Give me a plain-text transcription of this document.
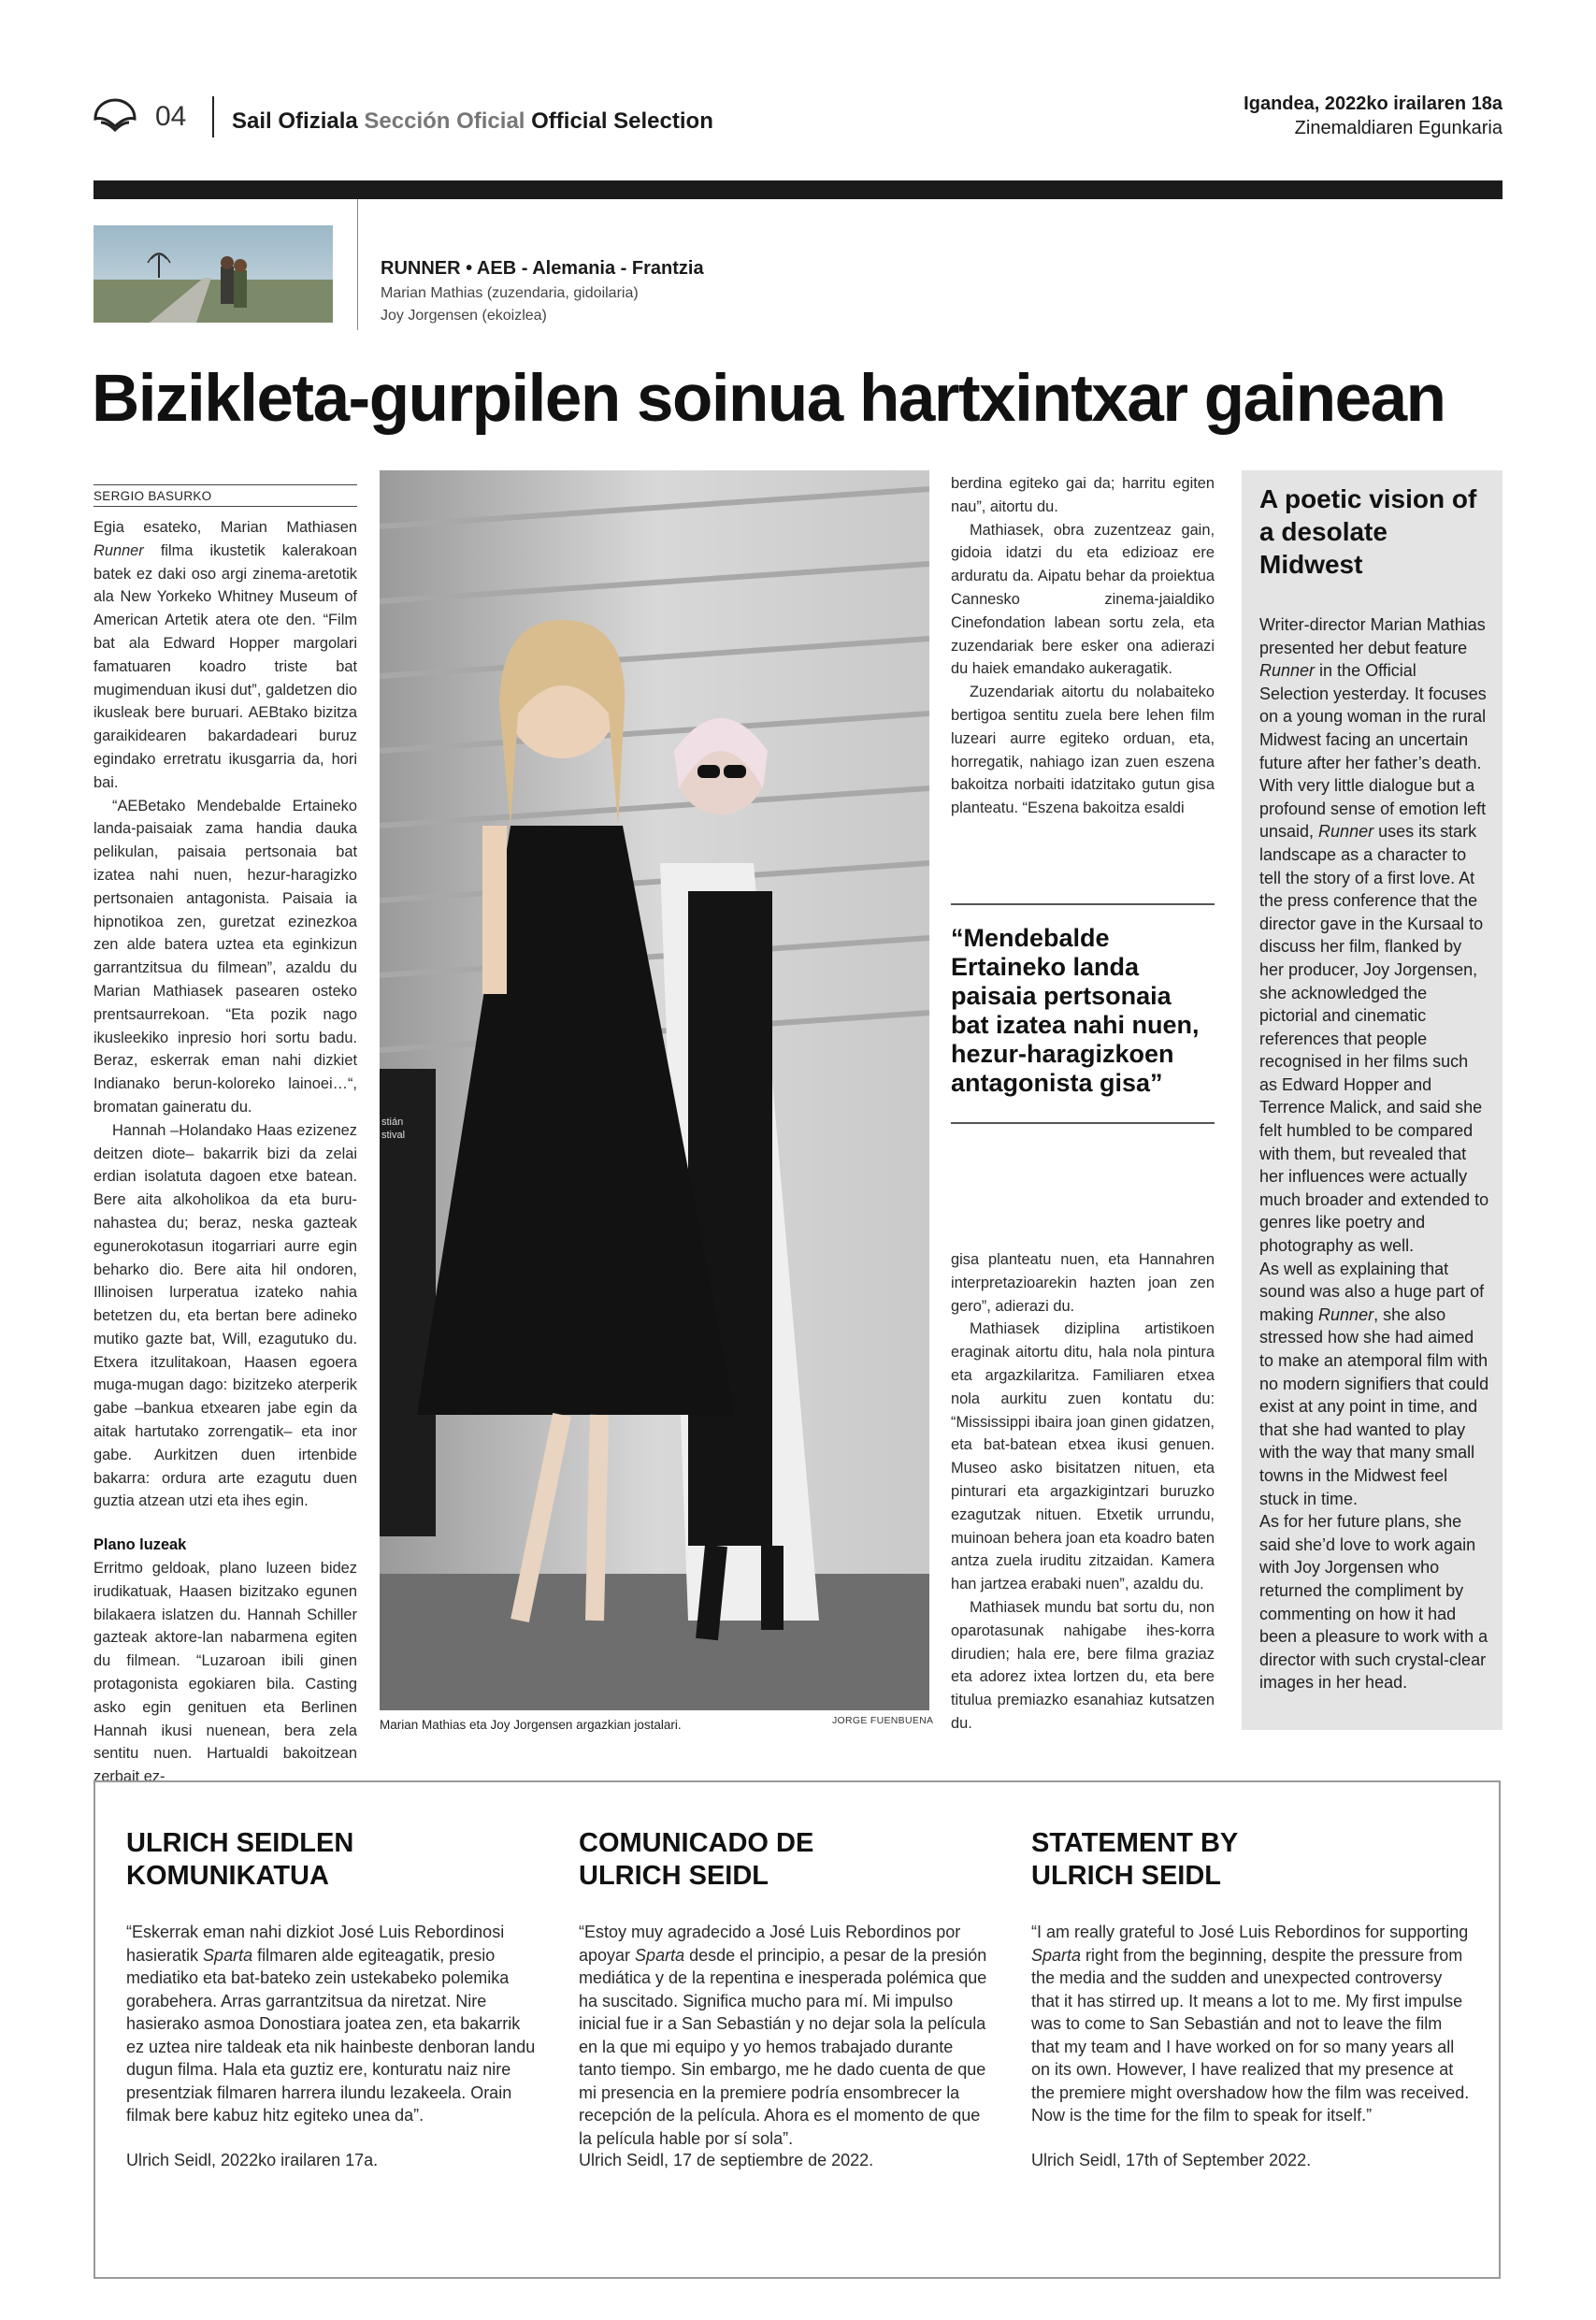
04 Sail Ofiziala Sección Oficial Official Selection
Igandea, 2022ko irailaren 18a
Zinemaldiaren Egunkaria
RUNNER • AEB - Alemania - Frantzia
Marian Mathias (zuzendaria, gidoilaria)
Joy Jorgensen (ekoizlea)
Bizikleta-gurpilen soinua hartxintxar gainean
SERGIO BASURKO

Egia esateko, Marian Mathiasen Runner filma ikustetik kalerakoan batek ez daki oso argi zinema-aretotik ala New Yorkeko Whitney Museum of American Artetik atera ote den. “Film bat ala Edward Hopper margolari famatuaren koadro triste bat mugimenduan ikusi dut”, galdetzen dio ikusleak bere buruari. AEBtako bizitza garaikidearen bakardadeari buruz egindako erretratu ikusgarria da, hori bai.

“AEBetako Mendebalde Ertaineko landa-paisaiak zama handia dauka pelikulan, paisaia pertsonaia bat izatea nahi nuen, hezur-haragizko pertsonaien antagonista. Paisaia ia hipnotikoa zen, guretzat ezinezkoa zen alde batera uztea eta eginkizun garrantzitsua du filmean”, azaldu du Marian Mathiasek pasearen osteko prentsaurrekoan. “Eta pozik nago ikusleekiko inpresio hori sortu badu. Beraz, eskerrak eman nahi dizkiet Indianako berun-koloreko lainoei…“, bromatan gaineratu du.

Hannah –Holandako Haas ezizenez deitzen diote– bakarrik bizi da zelai erdian isolatuta dagoen etxe batean. Bere aita alkoholikoa da eta buru-nahastea du; beraz, neska gazteak egunerokotasun itogarriari aurre egin beharko dio. Bere aita hil ondoren, Illinoisen lurperatua izateko nahia betetzen du, eta bertan bere adineko mutiko gazte bat, Will, ezagutuko du. Etxera itzulitakoan, Haasen egoera muga-mugan dago: bizitzeko aterperik gabe –bankua etxearen jabe egin da aitak hartutako zorrengatik– eta inor gabe. Aurkitzen duen irtenbide bakarra: ordura arte ezagutu duen guztia atzean utzi eta ihes egin.

Plano luzeak

Erritmo geldoak, plano luzeen bidez irudikatuak, Haasen bizitzako egunen bilakaera islatzen du. Hannah Schiller gazteak aktore-lan nabarmena egiten du filmean. “Luzaroan ibili ginen protagonista egokiaren bila. Casting asko egin genituen eta Berlinen Hannah ikusi nuenean, bera zela sentitu nuen. Hartualdi bakoitzean zerbait ez-

stián
stival
Marian Mathias eta Joy Jorgensen argazkian jostalari.	JORGE FUENBUENA

berdina egiteko gai da; harritu egiten nau”, aitortu du.

Mathiasek, obra zuzentzeaz gain, gidoia idatzi du eta edizioaz ere arduratu da. Aipatu behar da proiektua Cannesko zinema-jaialdiko Cinefondation labean sortu zela, eta zuzendariak bere esker ona adierazi du haiek emandako aukeragatik.

Zuzendariak aitortu du nolabaiteko bertigoa sentitu zuela bere lehen film luzeari aurre egiteko orduan, eta, horregatik, nahiago izan zuen eszena bakoitza norbaiti idatzitako gutun gisa planteatu. “Eszena bakoitza esaldi

“Mendebalde Ertaineko landa paisaia pertsonaia bat izatea nahi nuen, hezur-haragizkoen antagonista gisa”

gisa planteatu nuen, eta Hannahren interpretazioarekin hazten joan zen gero”, adierazi du.

Mathiasek diziplina artistikoen eraginak aitortu ditu, hala nola pintura eta argazkilaritza. Familiaren etxea nola aurkitu zuen kontatu du: “Mississippi ibaira joan ginen gidatzen, eta bat-batean etxea ikusi genuen. Museo asko bisitatzen nituen, eta pinturari eta argazkigintzari buruzko ezagutzak nituen. Etxetik urrundu, muinoan behera joan eta koadro baten antza zuela iruditu zitzaidan. Kamera han jartzea erabaki nuen”, azaldu du.

Mathiasek mundu bat sortu du, non oparotasunak nahigabe ihes-korra dirudien; hala ere, bere filma graziaz eta adorez ixtea lortzen du, eta bere titulua premiazko esanahiaz kutsatzen du.

A poetic vision of a desolate Midwest
Writer-director Marian Mathias presented her debut feature Runner in the Official Selection yesterday. It focuses on a young woman in the rural Midwest facing an uncertain future after her father’s death. With very little dialogue but a profound sense of emotion left unsaid, Runner uses its stark landscape as a character to tell the story of a first love. At the press conference that the director gave in the Kursaal to discuss her film, flanked by her producer, Joy Jorgensen, she acknowledged the pictorial and cinematic references that people recognised in her films such as Edward Hopper and Terrence Malick, and said she felt humbled to be compared with them, but revealed that her influences were actually much broader and extended to genres like poetry and photography as well.
As well as explaining that sound was also a huge part of making Runner, she also stressed how she had aimed to make an atemporal film with no modern signifiers that could exist at any point in time, and that she had wanted to play with the way that many small towns in the Midwest feel stuck in time.
As for her future plans, she said she’d love to work again with Joy Jorgensen who returned the compliment by commenting on how it had been a pleasure to work with a director with such crystal-clear images in her head.
ULRICH SEIDLEN KOMUNIKATUA
“Eskerrak eman nahi dizkiot José Luis Rebordinosi hasieratik Sparta filmaren alde egiteagatik, presio mediatiko eta bat-bateko zein ustekabeko polemika gorabehera. Arras garrantzitsua da niretzat. Nire hasierako asmoa Donostiara joatea zen, eta bakarrik ez uztea nire taldeak eta nik hainbeste denboran landu dugun filma. Hala eta guztiz ere, konturatu naiz nire presentziak filmaren harrera ilundu lezakeela. Orain filmak bere kabuz hitz egiteko unea da”.
Ulrich Seidl, 2022ko irailaren 17a.
COMUNICADO DE ULRICH SEIDL
“Estoy muy agradecido a José Luis Rebordinos por apoyar Sparta desde el principio, a pesar de la presión mediática y de la repentina e inesperada polémica que ha suscitado. Significa mucho para mí. Mi impulso inicial fue ir a San Sebastián y no dejar sola la película en la que mi equipo y yo hemos trabajado durante tanto tiempo. Sin embargo, me he dado cuenta de que mi presencia en la premiere podría ensombrecer la recepción de la película. Ahora es el momento de que la película hable por sí sola”.
Ulrich Seidl, 17 de septiembre de 2022.
STATEMENT BY ULRICH SEIDL
“I am really grateful to José Luis Rebordinos for supporting Sparta right from the beginning, despite the pressure from the media and the sudden and unexpected controversy that it has stirred up. It means a lot to me. My first impulse was to come to San Sebastián and not to leave the film that my team and I have worked on for so many years all on its own. However, I have realized that my presence at the premiere might overshadow how the film was received. Now is the time for the film to speak for itself.”
Ulrich Seidl, 17th of September 2022.
